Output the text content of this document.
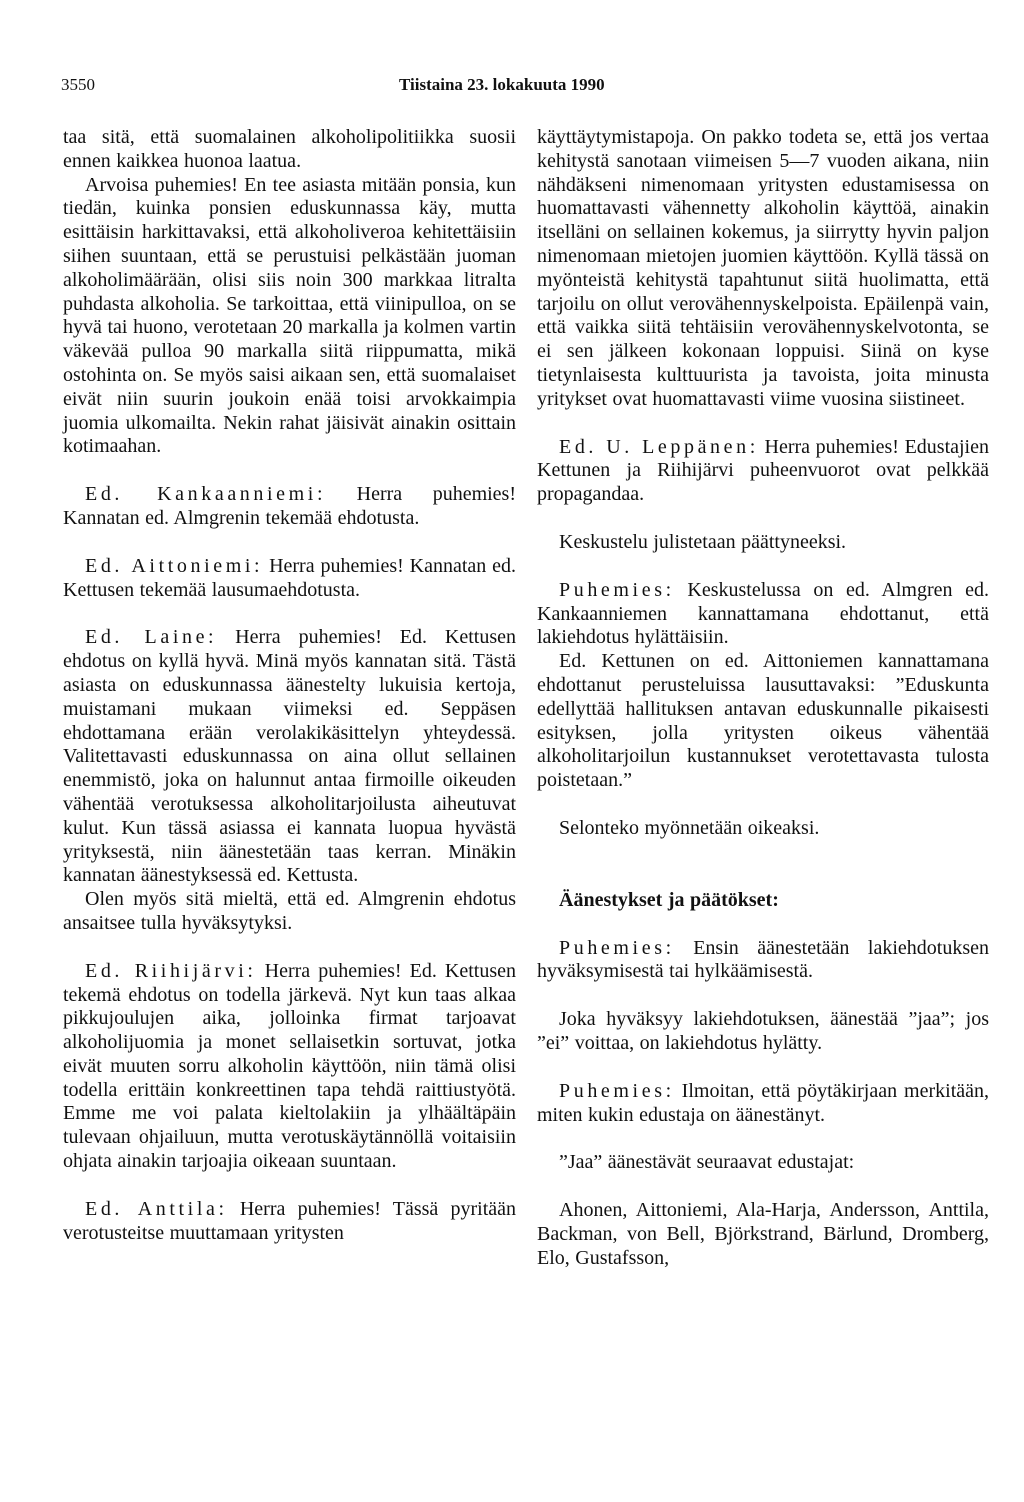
3550	Tiistaina 23. lokakuuta 1990

taa sitä, että suomalainen alkoholipolitiikka suosii ennen kaikkea huonoa laatua.

Arvoisa puhemies! En tee asiasta mitään ponsia, kun tiedän, kuinka ponsien eduskunnassa käy, mutta esittäisin harkittavaksi, että alkoholiveroa kehitettäisiin siihen suuntaan, että se perustuisi pelkästään juoman alkoholimäärään, olisi siis noin 300 markkaa litralta puhdasta alkoholia. Se tarkoittaa, että viinipulloa, on se hyvä tai huono, verotetaan 20 markalla ja kolmen vartin väkevää pulloa 90 markalla siitä riippumatta, mikä ostohinta on. Se myös saisi aikaan sen, että suomalaiset eivät niin suurin joukoin enää toisi arvokkaimpia juomia ulkomailta. Nekin rahat jäisivät ainakin osittain kotimaahan.

Ed. Kankaanniemi: Herra puhemies! Kannatan ed. Almgrenin tekemää ehdotusta.

Ed. Aittoniemi: Herra puhemies! Kannatan ed. Kettusen tekemää lausumaehdotusta.

Ed. Laine: Herra puhemies! Ed. Kettusen ehdotus on kyllä hyvä. Minä myös kannatan sitä. Tästä asiasta on eduskunnassa äänestelty lukuisia kertoja, muistamani mukaan viimeksi ed. Seppäsen ehdottamana erään verolakikäsittelyn yhteydessä. Valitettavasti eduskunnassa on aina ollut sellainen enemmistö, joka on halunnut antaa firmoille oikeuden vähentää verotuksessa alkoholitarjoilusta aiheutuvat kulut. Kun tässä asiassa ei kannata luopua hyvästä yrityksestä, niin äänestetään taas kerran. Minäkin kannatan äänestyksessä ed. Kettusta.

Olen myös sitä mieltä, että ed. Almgrenin ehdotus ansaitsee tulla hyväksytyksi.

Ed. Riihijärvi: Herra puhemies! Ed. Kettusen tekemä ehdotus on todella järkevä. Nyt kun taas alkaa pikkujoulujen aika, jolloinka firmat tarjoavat alkoholijuomia ja monet sellaisetkin sortuvat, jotka eivät muuten sorru alkoholin käyttöön, niin tämä olisi todella erittäin konkreettinen tapa tehdä raittiustyötä. Emme me voi palata kieltolakiin ja ylhäältäpäin tulevaan ohjailuun, mutta verotuskäytännöllä voitaisiin ohjata ainakin tarjoajia oikeaan suuntaan.

Ed. Anttila: Herra puhemies! Tässä pyritään verotusteitse muuttamaan yritysten

käyttäytymistapoja. On pakko todeta se, että jos vertaa kehitystä sanotaan viimeisen 5—7 vuoden aikana, niin nähdäkseni nimenomaan yritysten edustamisessa on huomattavasti vähennetty alkoholin käyttöä, ainakin itselläni on sellainen kokemus, ja siirrytty hyvin paljon nimenomaan mietojen juomien käyttöön. Kyllä tässä on myönteistä kehitystä tapahtunut siitä huolimatta, että tarjoilu on ollut verovähennyskelpoista. Epäilenpä vain, että vaikka siitä tehtäisiin verovähennyskelvotonta, se ei sen jälkeen kokonaan loppuisi. Siinä on kyse tietynlaisesta kulttuurista ja tavoista, joita minusta yritykset ovat huomattavasti viime vuosina siistineet.

Ed. U. Leppänen: Herra puhemies! Edustajien Kettunen ja Riihijärvi puheenvuorot ovat pelkkää propagandaa.

Keskustelu julistetaan päättyneeksi.

Puhemies: Keskustelussa on ed. Almgren ed. Kankaanniemen kannattamana ehdottanut, että lakiehdotus hylättäisiin.

Ed. Kettunen on ed. Aittoniemen kannattamana ehdottanut perusteluissa lausuttavaksi: ”Eduskunta edellyttää hallituksen antavan eduskunnalle pikaisesti esityksen, jolla yritysten oikeus vähentää alkoholitarjoilun kustannukset verotettavasta tulosta poistetaan.”

Selonteko myönnetään oikeaksi.

Äänestykset ja päätökset:

Puhemies: Ensin äänestetään lakiehdotuksen hyväksymisestä tai hylkäämisestä.

Joka hyväksyy lakiehdotuksen, äänestää ”jaa”; jos ”ei” voittaa, on lakiehdotus hylätty.

Puhemies: Ilmoitan, että pöytäkirjaan merkitään, miten kukin edustaja on äänestänyt.

”Jaa” äänestävät seuraavat edustajat:

Ahonen, Aittoniemi, Ala-Harja, Andersson, Anttila, Backman, von Bell, Björkstrand, Bärlund, Dromberg, Elo, Gustafsson,
